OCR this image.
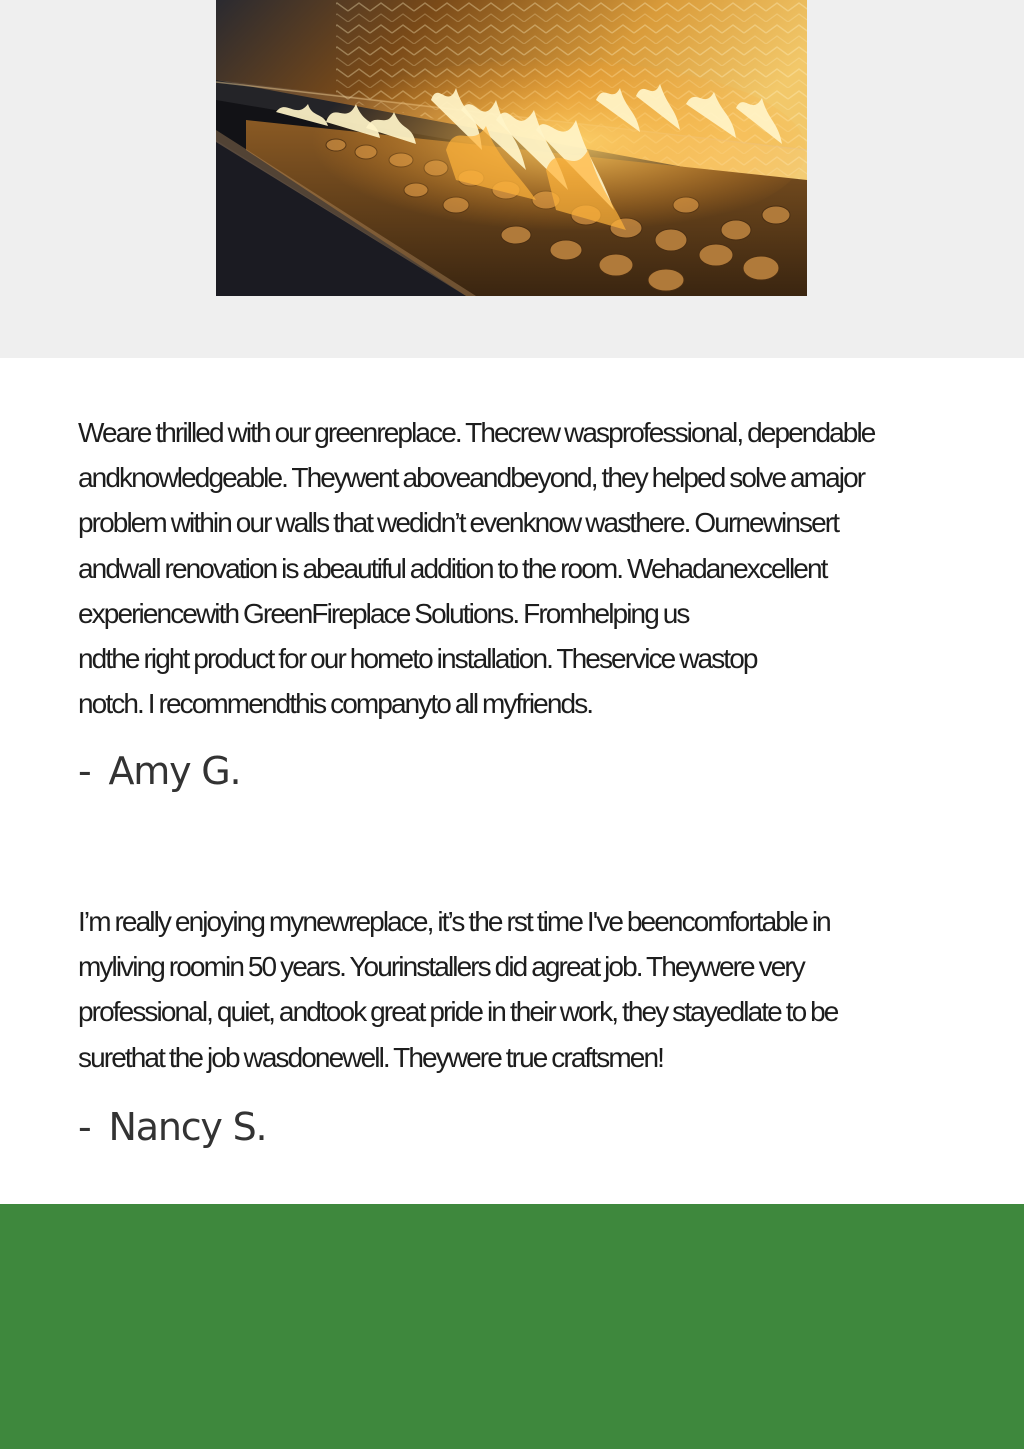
Weare thrilled with our greenreplace. Thecrew wasprofessional, dependable
andknowledgeable. Theywent aboveandbeyond, they helped solve amajor
problem within our walls that wedidn’t evenknow wasthere. Ournewinsert
andwall renovation is abeautiful addition to the room. Wehadanexcellent
experiencewith GreenFireplace Solutions. Fromhelping us
ndthe right product for our hometo installation. Theservice wastop
notch. I recommendthis companyto all myfriends.

- Amy G.

I’m really enjoying mynewreplace, it’s the rst time I've beencomfortable in
myliving roomin 50 years. Yourinstallers did agreat job. Theywere very
professional, quiet, andtook great pride in their work, they stayedlate to be
surethat the job wasdonewell. Theywere true craftsmen!

- Nancy S.
